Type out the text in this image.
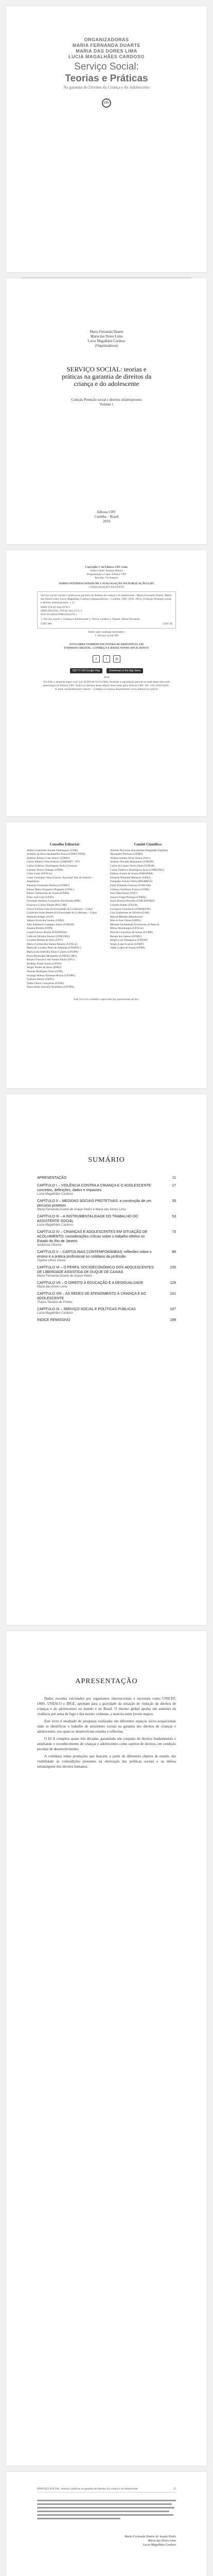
ORGANIZADORAS
MARIA FERNANDA DUARTE
MARIA DAS DORES LIMA
LUCIA MAGALHÃES CARDOSO
Serviço Social:
Teorias e Práticas
Na garantia de Direitos da Criança e do Adolescente
CRV
Maria Fernanda Duarte
Maria das Dores Lima
Lucia Magalhães Cardoso
(Organizadoras)
SERVIÇO SOCIAL: teorias e práticas na garantia de direitos da criança e do adolescente
Coleção Proteção social e direitos infantojuvenis
Volume 1
Editora CRV
Curitiba – Brasil
2018
Copyright © da Editora CRV Ltda.
Editor-chefe: Railson Moura
Diagramação e Capa: Editora CRV
Revisão: Os Autores
DADOS INTERNACIONAIS DE CATALOGAÇÃO NA PUBLICAÇÃO (CIP)
CATALOGAÇÃO NA FONTE
Serviço social: teorias e práticas na garantia de direitos da criança e do adolescente / Maria Fernanda Duarte, Maria das Dores Lima, Lucia Magalhães Cardoso (organizadoras) – Curitiba: CRV, 2018. 196 p. (Coleção Proteção social e direitos infantojuvenis, v. 1)
ISBN 978-85-444-2576-1
ISBN DIGITAL 978-85-444-2575-4
DOI 10.24824/978854442576.1
1. Serviço social 2. Criança e Adolescente 3. Teoria e prática I. Duarte, Maria Fernanda
CDD 360	CDU 36
Índice para catálogo sistemático
1. Serviço social 360
ESTA OBRA TAMBÉM ENCONTRA-SE DISPONÍVEL EM FORMATO DIGITAL. CONHEÇA E BAIXE NOSSO APLICATIVO!
f	t ◎
GET IT ON Google Play	Download on the App Store
2018
Foi feito o depósito legal conf. Lei 10.994 de 14/12/2004. Proibida a reprodução parcial ou total desta obra sem autorização da Editora CRV. Todos os direitos desta edição reservados pela: Editora CRV. Tel.: (41) 3039-6418 – E-mail: sac@editoracrv.com.br – Conheça os nossos lançamentos: www.editoracrv.com.br
Conselho Editorial:
Aldira Guimarães Duarte Domínguez (UNB)
Andréia da Silva Quintanilha Sousa (UNIR/UFRN)
Antônio Pereira Gaio Júnior (UFRRJ)
Carlos Alberto Vilar Estêvão (UMINHO – PT)
Carlos Federico Domínguez Avila (Unieuro)
Carmen Tereza Velanga (UNIR)
Celso Conti (UFSCar)
Cesar Gerónimo Tello (Univer. Nacional Três de Febrero – Argentina)
Eduardo Fernandes Barbosa (UFMG)
Elione Maria Nogueira Diogenes (UFAL)
Elizeu Clementino de Souza (UNEB)
Élsio José Corá (UFFS)
Fernando Antônio Gonçalves Alcoforado (IPB)
Francisco Carlos Duarte (PUC-PR)
Gloria Fariñas León (Universidade de La Havana – Cuba)
Guillermo Arias Beatón (Universidade de La Havana – Cuba)
Helmuth Krüger (UCP)
Jailson Alves dos Santos (UFRJ)
João Adalberto Campato Junior (UNESP)
Josania Portela (UFPI)
Leonel Severo Rocha (UNISINOS)
Lídia de Oliveira Xavier (UNIEURO)
Lourdes Helena da Silva (UFV)
Maria Cristina dos Santos Bezerra (UFSCar)
Maria de Lourdes Pinto de Almeida (UNOESC)
Maria Lília Imbiriba Sousa Colares (UFOPA)
Paulo Romualdo Hernandes (UNIFAL-MG)
Renato Francisco dos Santos Paula (UFG)
Rodrigo Pratte-Santos (UFES)
Sérgio Nunes de Jesus (IFRO)
Simone Rodrigues Pinto (UNB)
Solange Helena Ximenes-Rocha (UFOPA)
Sydione Santos (UEPG)
Tadeu Oliver Gonçalves (UFPA)
Tania Suely Azevedo Brasileiro (UFOPA)
Comitê Científico:
Adriane Piovezan (Faculdades Integradas Espírita)
Alexandre Pierezan (UFMS)
Andrea Jurema Alves Souza (FAG)
Antônio Nivaldo Hespanhol (UNESP)
Carlos de Castro Neves Neto (UNESP)
Carlos Federico Dominguez Avila (UNIEURO)
Edilson Soares de Souza (FABAPAR)
Eduardo Pimentel Menezes (UERJ)
Euripedes Falcão Vieira (IHGRRGS)
Fabio Eduardo Cressoni (UNILAB)
Gilmara Yoshihara Franco (UNIR)
Jairo Marchesan (UNC)
Jussara Fraga Portugal (UNEB)
Karla Rosário Brumes (UNICENTRO)
Leandro Baller (UFGD)
Lucimara Crescencio (UNIOESTE)
Luiz Guilherme de Oliveira (UnB)
Marcel Mendes (Mackenzie)
Marcio Jose Ornat (UEPG)
Michael Soubbotnik (University of Paris 8)
Mirna Montenegro (UFSCar)
Priscila Gonçalves de Souza (UCDB)
Renata dos Santos (UFMG)
Sérgio Luiz Nakagawa (UNESP)
Sergio Lupe Scaroni (UFMT)
Valter Lopes de Souza (UFPR)
Este livro foi avaliado e aprovado por pareceristas ad hoc.
SUMÁRIO
APRESENTAÇÃO	11
CAPÍTULO I – VIOLÊNCIA CONTRA A CRIANÇA E O ADOLESCENTE: conceitos, definições, dados e impasses
17
Lucia Magalhães Cardoso
CAPÍTULO II – MEDIDAS SOCIAIS PROTETIVAS: a construção de um percurso protetivo
35
Maria Fernanda Duarte de Araujo Pedro e Maria das Dores Lima
CAPÍTULO III – A INSTRUMENTALIDADE DO TRABALHO DO ASSISTENTE SOCIAL
53
Lucia Magalhães Cardoso
CAPÍTULO IV – CRIANÇAS E ADOLESCENTES EM SITUAÇÃO DE ACOLHIMENTO: considerações críticas sobre o trabalho efetivo no Estado do Rio de Janeiro
73
Andressa Oliveira
CAPÍTULO V – CARTOLINAS CONTEMPORÂNEAS: reflexões sobre o ensino e a prática profissional no cotidiano da profissão
89
Tayana Ulhoa Sousa
CAPÍTULO VI – O PERFIL SOCIOECONÔMICO DOS ADOLESCENTES DE LIBERDADE ASSISTIDA DE DUQUE DE CAXIAS
105
Maria Fernanda Duarte de Araujo Pedro
CAPÍTULO VII – O DIREITO À EDUCAÇÃO E A DESIGUALDADE	129
Maria das Dores Lima
CAPÍTULO VIII – AS REDES DE ATENDIMENTO À CRIANÇA E AO ADOLESCENTE
151
Thaiza Teixeira de Freitas
CAPÍTULO IX – SERVIÇO SOCIAL E POLÍTICAS PÚBLICAS	167
Lucia Magalhães Cardoso
ÍNDICE REMISSIVO	189
APRESENTAÇÃO

Dados recentes veiculados por organismos internacionais e nacionais como UNICEF, OMS, UNESCO e IBGE, apontam para a gravidade da situação de violação de direitos de crianças e de adolescentes no mundo e no Brasil. O mesmo global aponta um aumento da violência por arma de fogo e das mortes violentas, a maioria entre jovens negros.

Este livro é resultado de pesquisas realizadas em diferentes espaços sócio-ocupacionais onde se identificou o trabalho de assistentes sociais na garantia dos direitos de crianças e adolescentes, nos quais se desenvolvem estudos e reflexões.

O ECA completa quase três décadas, garantindo um conjunto de direitos fundamentais e ampliando o reconhecimento de crianças e adolescentes como sujeitos de direitos, em condição peculiar de desenvolvimento.

A coletânea reúne produções que buscam, a partir de diferentes objetos de estudo, dar visibilidade às contradições presentes na efetivação das políticas sociais e na defesa intransigente dos direitos humanos.

SERVIÇO SOCIAL: teorias e práticas na garantia de direitos da criança e do adolescente	13
Maria Fernanda Duarte de Araujo Pedro
Maria das Dores Lima
Lucia Magalhães Cardoso
